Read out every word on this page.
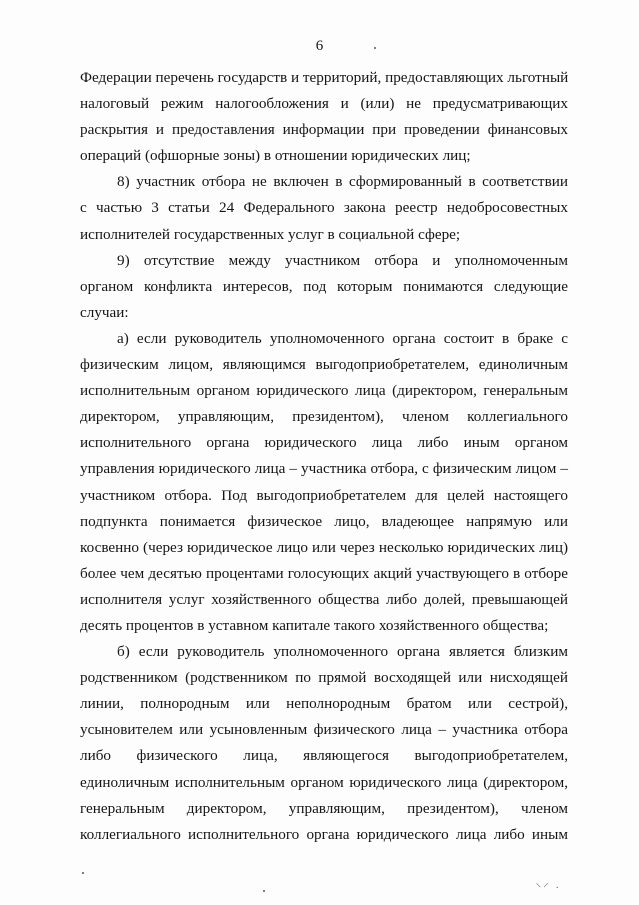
6
Федерации перечень государств и территорий, предоставляющих льготный
налоговый режим налогообложения и (или) не предусматривающих
раскрытия и предоставления информации при проведении финансовых
операций (офшорные зоны) в отношении юридических лиц;
8) участник отбора не включен в сформированный в соответствии
с частью 3 статьи 24 Федерального закона реестр недобросовестных
исполнителей государственных услуг в социальной сфере;
9) отсутствие между участником отбора и уполномоченным
органом конфликта интересов, под которым понимаются следующие
случаи:
а) если руководитель уполномоченного органа состоит в браке с
физическим лицом, являющимся выгодоприобретателем, единоличным
исполнительным органом юридического лица (директором, генеральным
директором, управляющим, президентом), членом коллегиального
исполнительного органа юридического лица либо иным органом
управления юридического лица – участника отбора, с физическим лицом –
участником отбора. Под выгодоприобретателем для целей настоящего
подпункта понимается физическое лицо, владеющее напрямую или
косвенно (через юридическое лицо или через несколько юридических лиц)
более чем десятью процентами голосующих акций участвующего в отборе
исполнителя услуг хозяйственного общества либо долей, превышающей
десять процентов в уставном капитале такого хозяйственного общества;
б) если руководитель уполномоченного органа является близким
родственником (родственником по прямой восходящей или нисходящей
линии, полнородным или неполнородным братом или сестрой),
усыновителем или усыновленным физического лица – участника отбора
либо физического лица, являющегося выгодоприобретателем,
единоличным исполнительным органом юридического лица (директором,
генеральным директором, управляющим, президентом), членом
коллегиального исполнительного органа юридического лица либо иным
⸌⸍ ·
